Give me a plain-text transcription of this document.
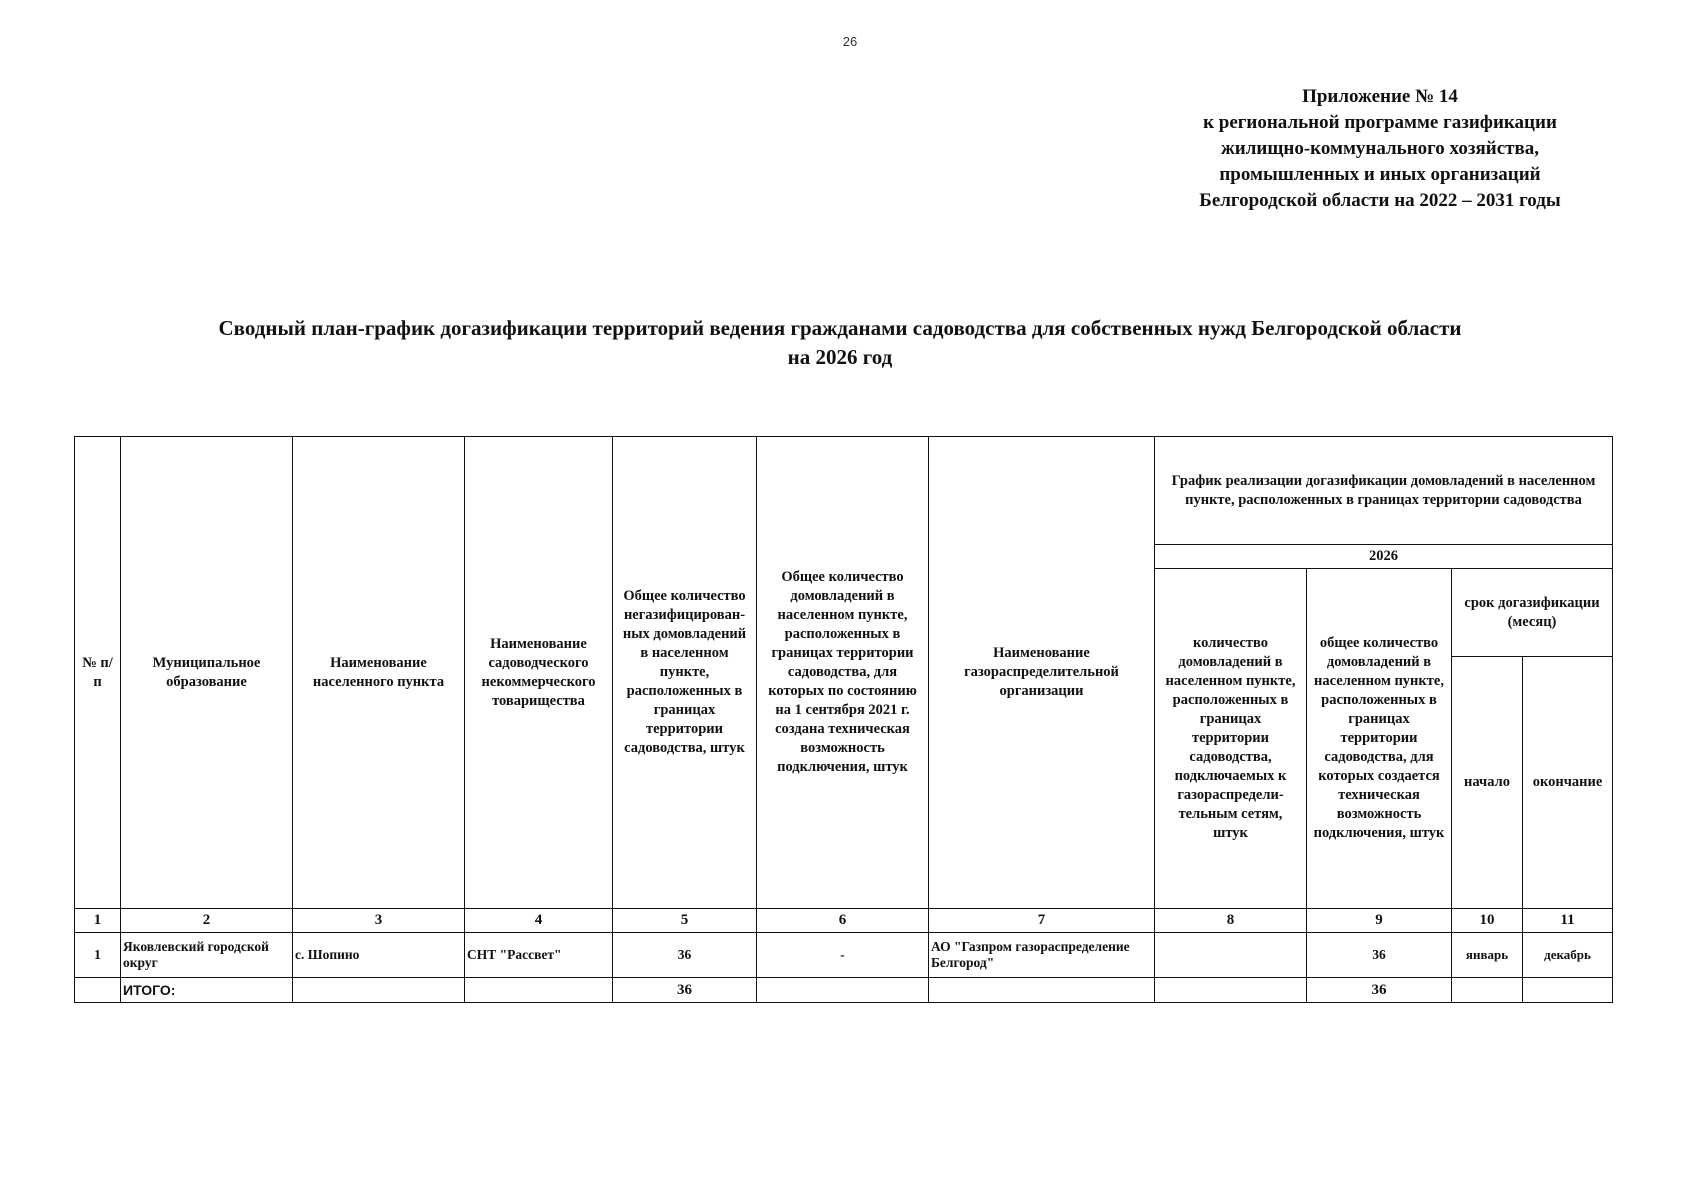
26
Приложение № 14
к региональной программе газификации
жилищно-коммунального хозяйства,
промышленных и иных организаций
Белгородской области на 2022 – 2031 годы
Сводный план-график догазификации территорий ведения гражданами садоводства для собственных нужд Белгородской области
на 2026 год
№ п/п	Муниципальное образование	Наименование населенного пункта	Наименование садоводческого некоммерческого товарищества	Общее количество негазифицирован-ных домовладений в населенном пункте, расположенных в границах территории садоводства, штук	Общее количество домовладений в населенном пункте, расположенных в границах территории садоводства, для которых по состоянию на 1 сентября 2021 г. создана техническая возможность подключения, штук	Наименование газораспределительной организации	График реализации догазификации домовладений в населенном пункте, расположенных в границах территории садоводства			
							2026			
							количество домовладений в населенном пункте, расположенных в границах территории садоводства, подключаемых к газораспредели-тельным сетям, штук	общее количество домовладений в населенном пункте, расположенных в границах территории садоводства, для которых создается техническая возможность подключения, штук	срок догазификации (месяц)	
									начало	окончание
1	2	3	4	5	6	7	8	9	10	11
1	Яковлевский городской округ	с. Шопино	СНТ "Рассвет"	36	-	АО "Газпром газораспределение Белгород"		36	январь	декабрь
	ИТОГО:			36				36		
